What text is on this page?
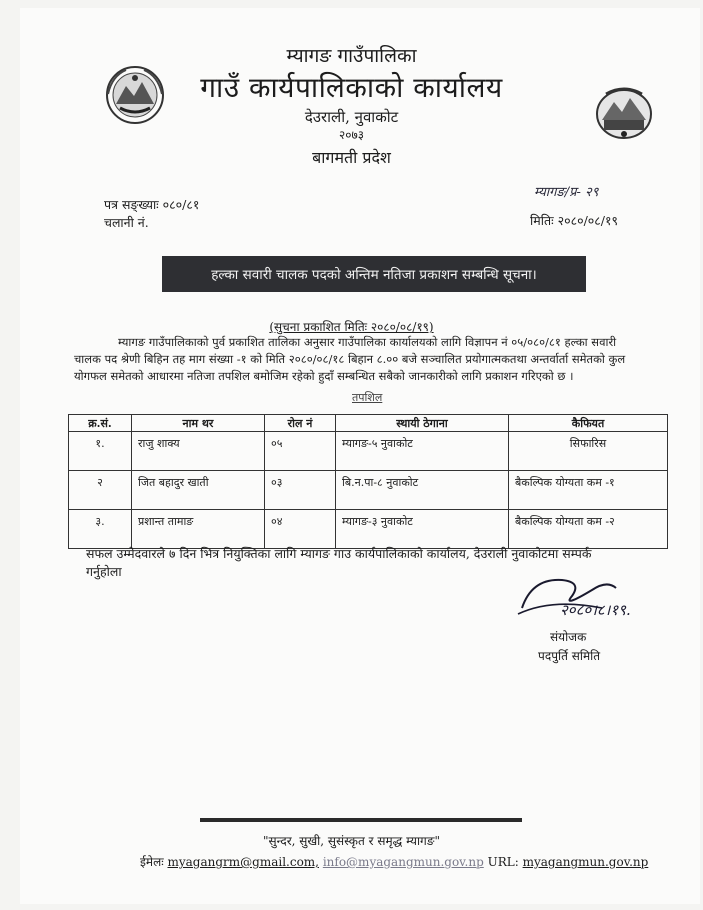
म्यागङ गाउँपालिका
गाउँ कार्यपालिकाको कार्यालय
देउराली, नुवाकोट
२०७३
बागमती प्रदेश
पत्र सङ्ख्याः ०८०/८१
चलानी नं.
म्यागङ/प्र- २९
मितिः २०८०/०८/१९
हल्का सवारी चालक पदको अन्तिम नतिजा प्रकाशन सम्बन्धि सूचना।
(सुचना प्रकाशित मितिः २०८०/०८/१९)
म्यागङ गाउँपालिकाको पुर्व प्रकाशित तालिका अनुसार गाउँपालिका कार्यालयको लागि विज्ञापन नं ०५/०८०/८१ हल्का सवारी
चालक पद श्रेणी बिहिन तह माग संख्या -१ को मिति २०८०/०८/१८ बिहान ८.०० बजे सञ्चालित प्रयोगात्मकतथा अन्तर्वार्ता समेतको कुल
योगफल समेतको आधारमा नतिजा तपशिल बमोजिम रहेको हुदाँ सम्बन्धित सबैको जानकारीको लागि प्रकाशन गरिएको छ ।
तपशिल
क्र.सं.	नाम थर	रोल नं	स्थायी ठेगाना	कैफियत
१.	राजु शाक्य	०५	म्यागङ-५ नुवाकोट	सिफारिस
२	जित बहादुर खाती	०३	बि.न.पा-८ नुवाकोट	बैकल्पिक योग्यता कम -१
३.	प्रशान्त तामाङ	०४	म्यागङ-३ नुवाकोट	बैकल्पिक योग्यता कम -२
सफल उम्मेदवारले ७ दिन भित्र नियुक्तिका लागि म्यागङ गाउ कार्यपालिकाको कार्यालय, देउराली नुवाकोटमा सम्पर्क
गर्नुहोला
२०८०।८।१९.
संयोजक
पदपुर्ति समिति
"सुन्दर, सुखी, सुसंस्कृत र समृद्ध म्यागङ"
ईमेलः myagangrm@gmail.com, info@myagangmun.gov.np URL: myagangmun.gov.np
